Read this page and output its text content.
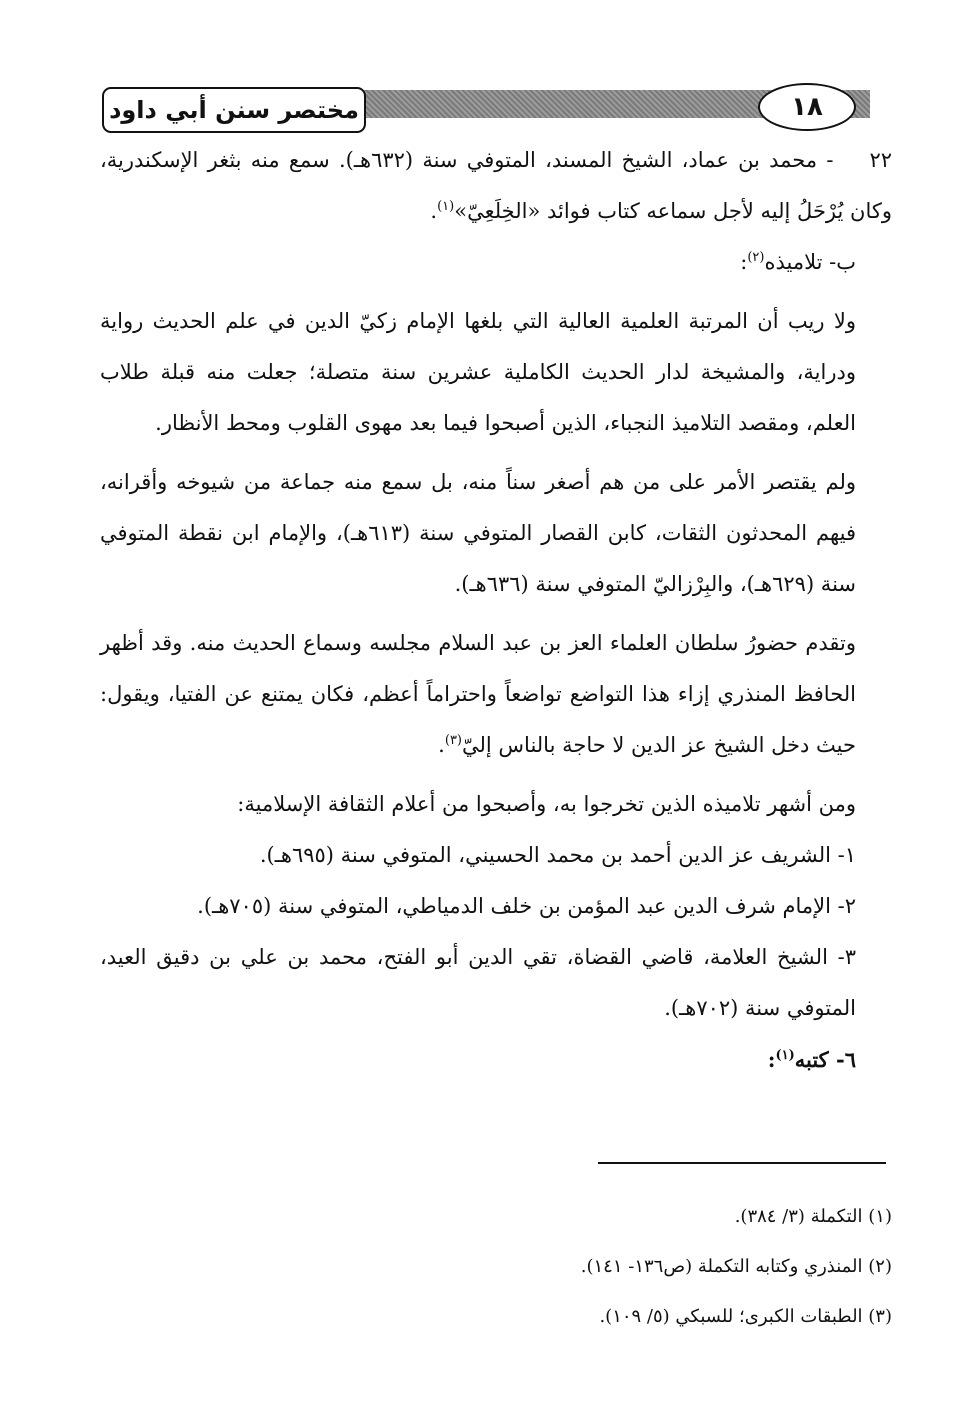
مختصر سنن أبي داود	١٨

٢٢- محمد بن عماد، الشيخ المسند، المتوفي سنة (٦٣٢هـ). سمع منه بثغر الإسكندرية، وكان يُرْحَلُ إليه لأجل سماعه كتاب فوائد «الخِلَعِيّ»$^{(١)}$.

ب- تلاميذه$^{(٢)}$:

ولا ريب أن المرتبة العلمية العالية التي بلغها الإمام زكيّ الدين في علم الحديث رواية ودراية، والمشيخة لدار الحديث الكاملية عشرين سنة متصلة؛ جعلت منه قبلة طلاب العلم، ومقصد التلاميذ النجباء، الذين أصبحوا فيما بعد مهوى القلوب ومحط الأنظار.

ولم يقتصر الأمر على من هم أصغر سناً منه، بل سمع منه جماعة من شيوخه وأقرانه، فيهم المحدثون الثقات، كابن القصار المتوفي سنة (٦١٣هـ)، والإمام ابن نقطة المتوفي سنة (٦٢٩هـ)، والبِرْزاليّ المتوفي سنة (٦٣٦هـ).

وتقدم حضورُ سلطان العلماء العز بن عبد السلام مجلسه وسماع الحديث منه. وقد أظهر الحافظ المنذري إزاء هذا التواضع تواضعاً واحتراماً أعظم، فكان يمتنع عن الفتيا، ويقول: حيث دخل الشيخ عز الدين لا حاجة بالناس إليّ$^{(٣)}$.

ومن أشهر تلاميذه الذين تخرجوا به، وأصبحوا من أعلام الثقافة الإسلامية:

١- الشريف عز الدين أحمد بن محمد الحسيني، المتوفي سنة (٦٩٥هـ).

٢- الإمام شرف الدين عبد المؤمن بن خلف الدمياطي، المتوفي سنة (٧٠٥هـ).

٣- الشيخ العلامة، قاضي القضاة، تقي الدين أبو الفتح، محمد بن علي بن دقيق العيد، المتوفي سنة (٧٠٢هـ).

٦- كتبه$^{(١)}$:

(١) التكملة (٣/ ٣٨٤).

(٢) المنذري وكتابه التكملة (ص١٣٦- ١٤١).

(٣) الطبقات الكبرى؛ للسبكي (٥/ ١٠٩).
